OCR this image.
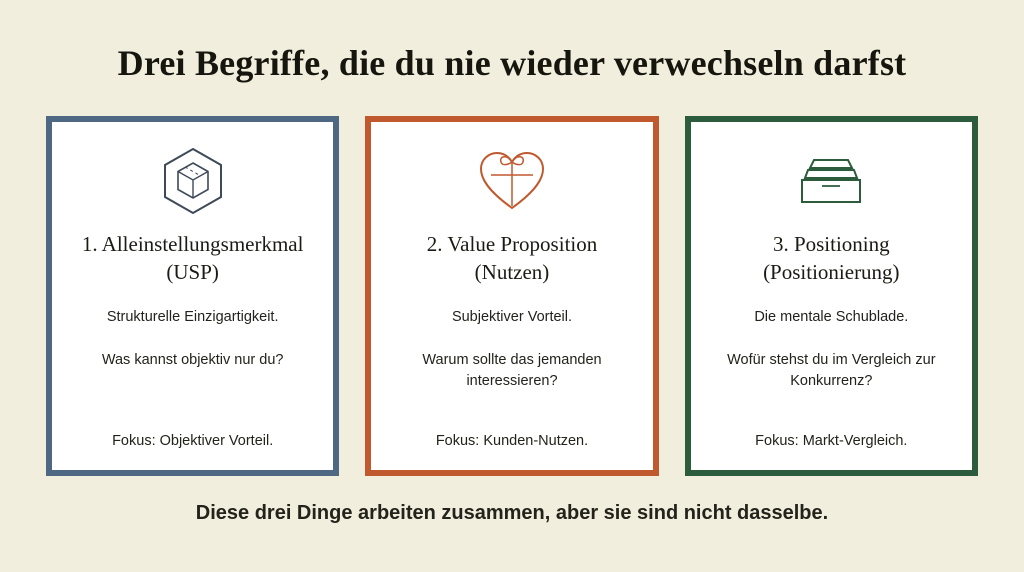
Drei Begriffe, die du nie wieder verwechseln darfst
1. Alleinstellungsmerkmal (USP)

Strukturelle Einzigartigkeit.

Was kannst objektiv nur du?

Fokus: Objektiver Vorteil.

2. Value Proposition (Nutzen)

Subjektiver Vorteil.

Warum sollte das jemanden interessieren?

Fokus: Kunden-Nutzen.

3. Positioning (Positionierung)

Die mentale Schublade.

Wofür stehst du im Vergleich zur Konkurrenz?

Fokus: Markt-Vergleich.

Diese drei Dinge arbeiten zusammen, aber sie sind nicht dasselbe.
